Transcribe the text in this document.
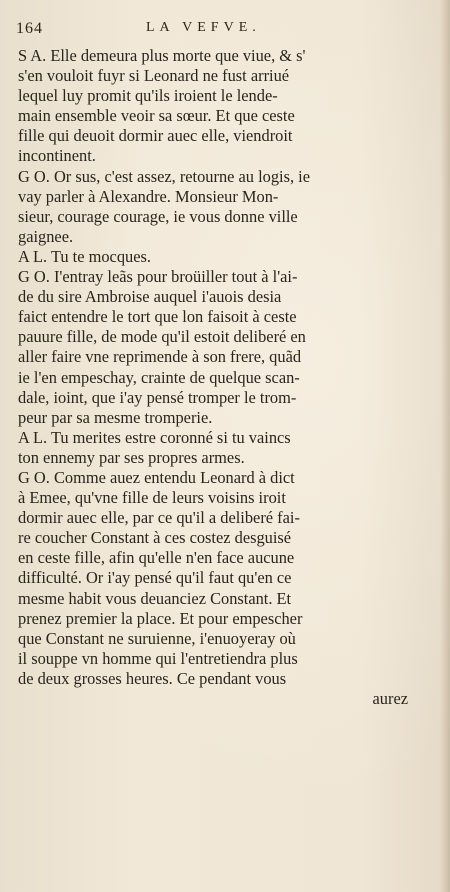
164	LA VEFVE.
S A. Elle demeura plus morte que viue, & s'
s'en vouloit fuyr si Leonard ne fust arriué
lequel luy promit qu'ils iroient le lende-
main ensemble veoir sa sœur. Et que ceste
fille qui deuoit dormir auec elle, viendroit
incontinent.
G O. Or sus, c'est assez, retourne au logis, ie
vay parler à Alexandre. Monsieur Mon-
sieur, courage courage, ie vous donne ville
gaignee.
A L. Tu te mocques.
G O. I'entray leãs pour broüiller tout à l'ai-
de du sire Ambroise auquel i'auois desia
faict entendre le tort que lon faisoit à ceste
pauure fille, de mode qu'il estoit deliberé en
aller faire vne reprimende à son frere, quãd
ie l'en empeschay, crainte de quelque scan-
dale, ioint, que i'ay pensé tromper le trom-
peur par sa mesme tromperie.
A L. Tu merites estre coronné si tu vaincs
ton ennemy par ses propres armes.
G O. Comme auez entendu Leonard à dict
à Emee, qu'vne fille de leurs voisins iroit
dormir auec elle, par ce qu'il a deliberé fai-
re coucher Constant à ces costez desguisé
en ceste fille, afin qu'elle n'en face aucune
difficulté. Or i'ay pensé qu'il faut qu'en ce
mesme habit vous deuanciez Constant. Et
prenez premier la place. Et pour empescher
que Constant ne suruienne, i'enuoyeray où
il souppe vn homme qui l'entretiendra plus
de deux grosses heures. Ce pendant vous
aurez
